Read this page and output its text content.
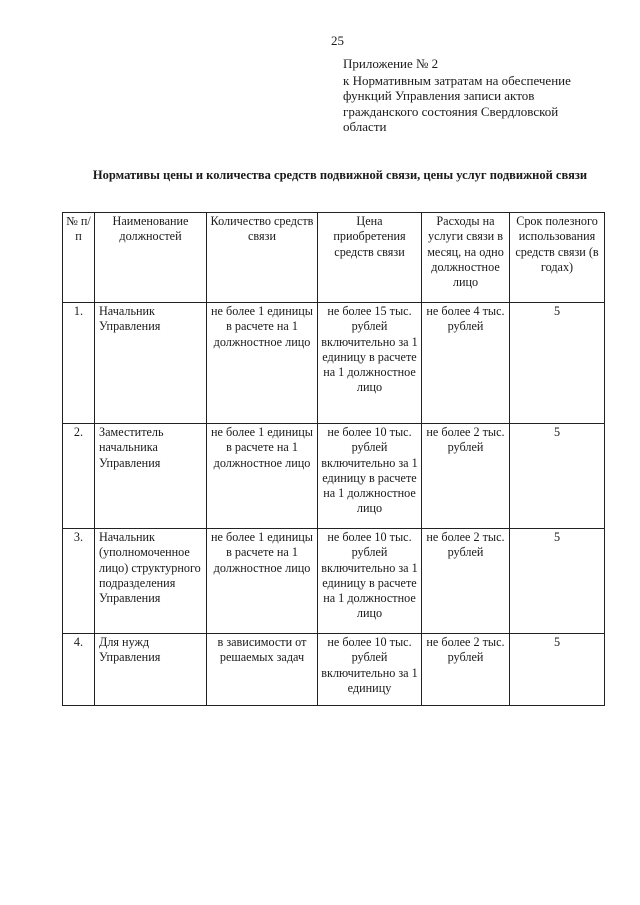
25
Приложение № 2
к Нормативным затратам на обеспечение
функций Управления записи актов
гражданского состояния Свердловской
области
Нормативы цены и количества средств подвижной связи, цены услуг подвижной связи
№ п/п	Наименование должностей	Количество средств связи	Цена приобретения средств связи	Расходы на услуги связи в месяц, на одно должностное лицо	Срок полезного использования средств связи (в годах)
1.	Начальник Управления	не более 1 единицы в расчете на 1 должностное лицо	не более 15 тыс. рублей включительно за 1 единицу в расчете на 1 должностное лицо	не более 4 тыс. рублей	5
2.	Заместитель начальника Управления	не более 1 единицы в расчете на 1 должностное лицо	не более 10 тыс. рублей включительно за 1 единицу в расчете на 1 должностное лицо	не более 2 тыс. рублей	5
3.	Начальник (уполномоченное лицо) структурного подразделения Управления	не более 1 единицы в расчете на 1 должностное лицо	не более 10 тыс. рублей включительно за 1 единицу в расчете на 1 должностное лицо	не более 2 тыс. рублей	5
4.	Для нужд Управления	в зависимости от решаемых задач	не более 10 тыс. рублей включительно за 1 единицу	не более 2 тыс. рублей	5
